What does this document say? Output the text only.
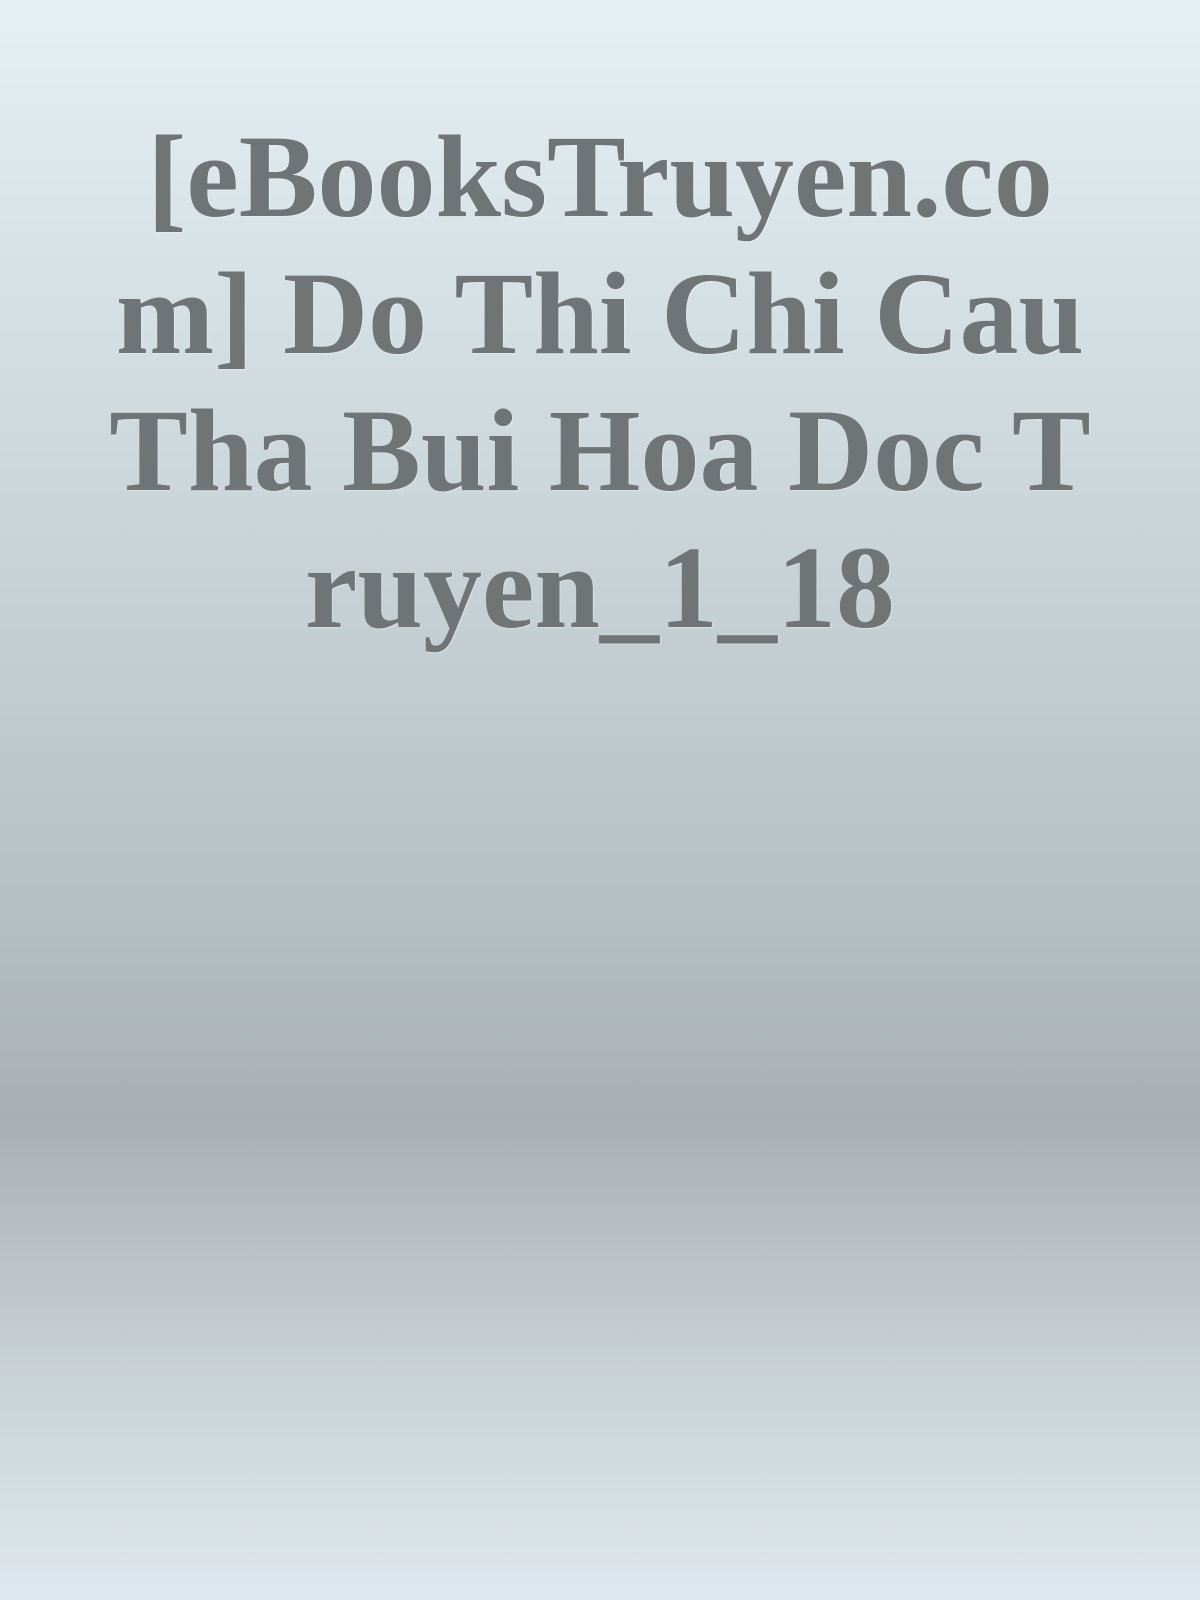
[eBooksTruyen.com] Do Thi Chi Cau Tha Bui Hoa Doc Truyen_1_18
